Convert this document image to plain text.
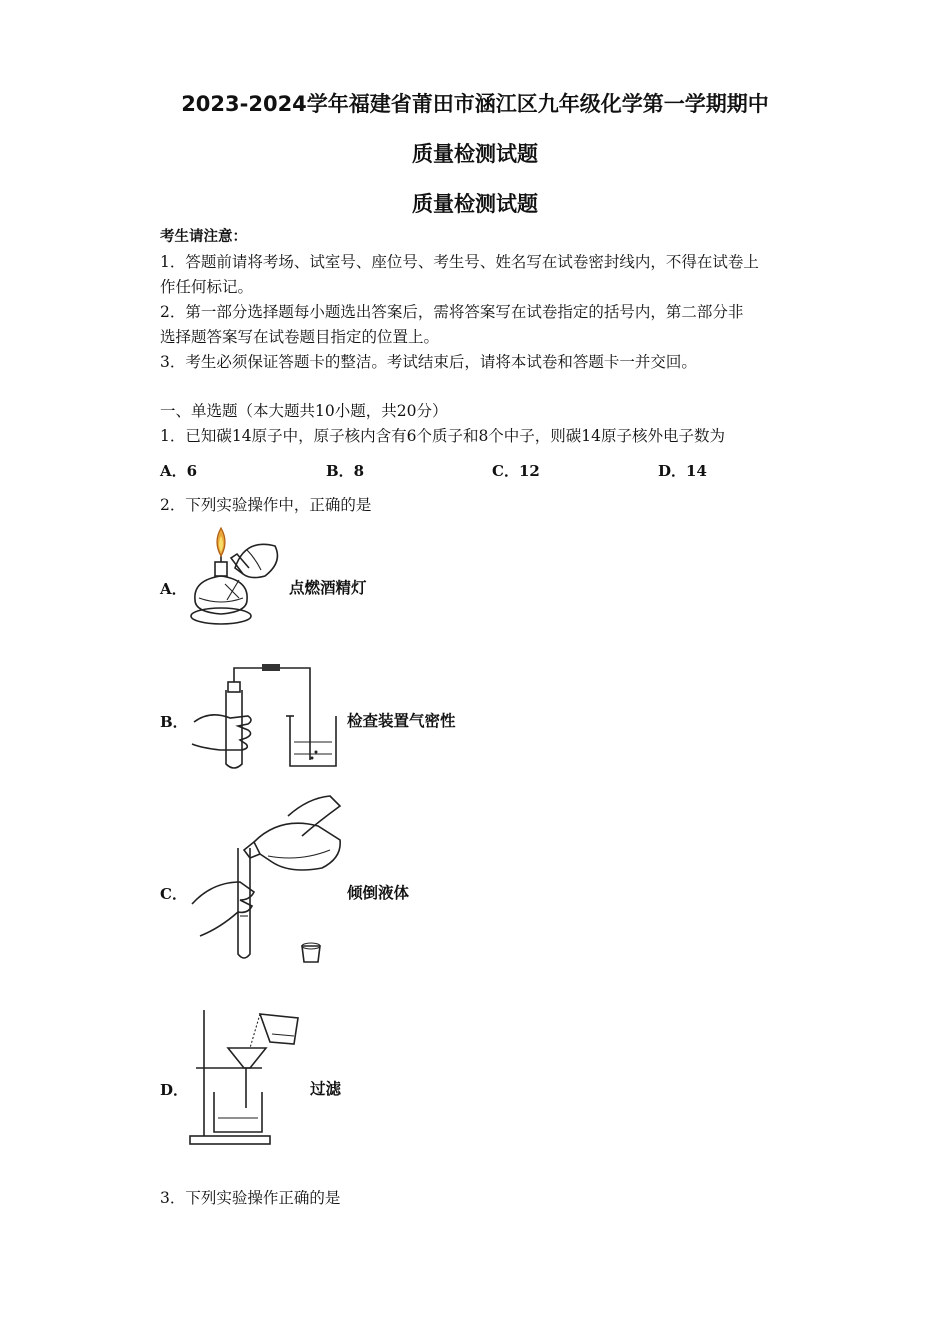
2023-2024学年福建省莆田市涵江区九年级化学第一学期期中
质量检测试题
质量检测试题
考生请注意：
1．答题前请将考场、试室号、座位号、考生号、姓名写在试卷密封线内，不得在试卷上
作任何标记。
2．第一部分选择题每小题选出答案后，需将答案写在试卷指定的括号内，第二部分非
选择题答案写在试卷题目指定的位置上。
3．考生必须保证答题卡的整洁。考试结束后，请将本试卷和答题卡一并交回。
一、单选题（本大题共10小题，共20分）
1．已知碳14原子中，原子核内含有6个质子和8个中子，则碳14原子核外电子数为
A．6	B．8	C．12	D．14
2．下列实验操作中，正确的是
A．	点燃酒精灯
B．	检查装置气密性
C．	倾倒液体
D．	过滤
3．下列实验操作正确的是
